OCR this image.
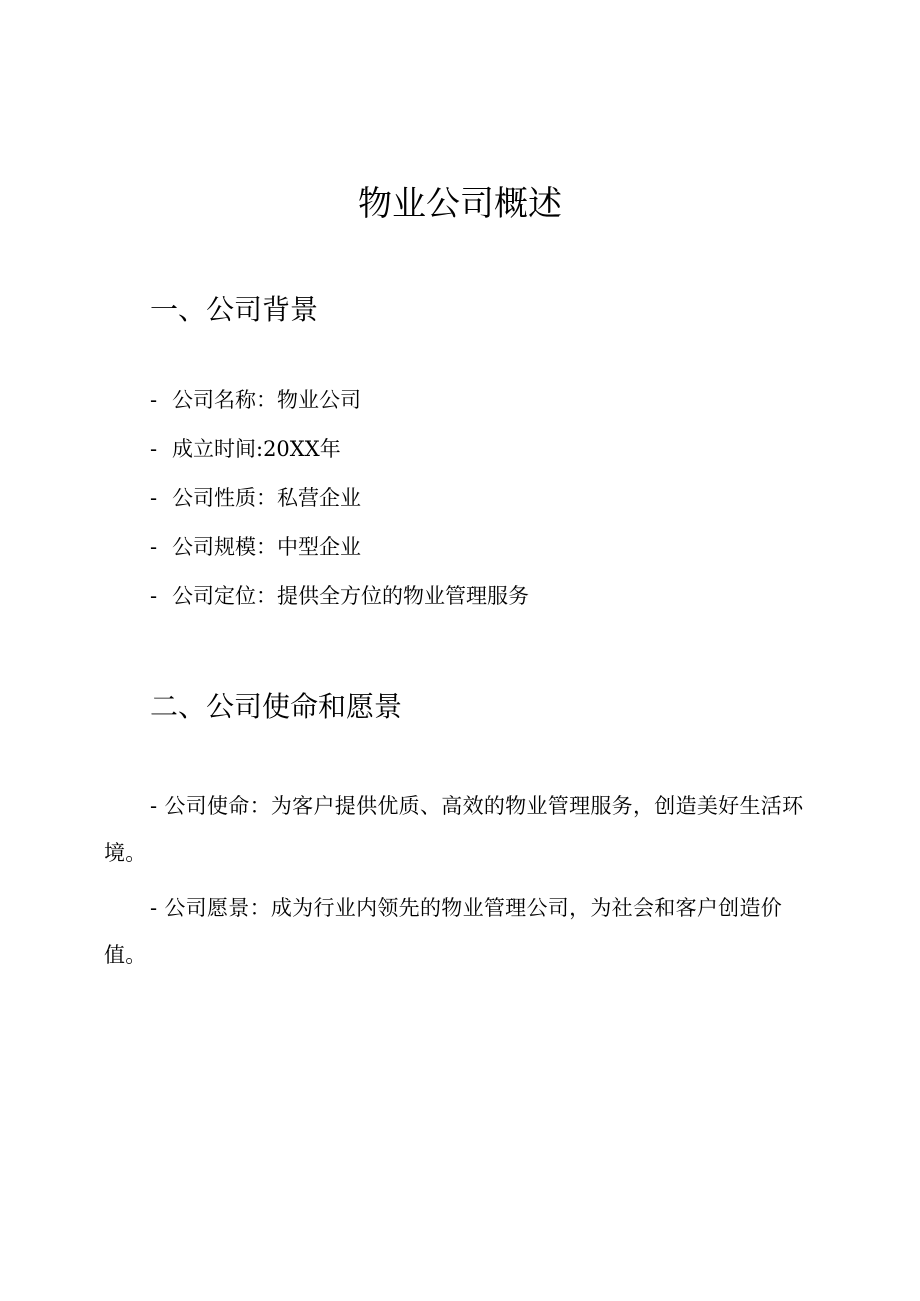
物业公司概述
一、公司背景
- 公司名称：物业公司
- 成立时间:20XX年
- 公司性质：私营企业
- 公司规模：中型企业
- 公司定位：提供全方位的物业管理服务
二、公司使命和愿景

- 公司使命：为客户提供优质、高效的物业管理服务，创造美好生活环境。

- 公司愿景：成为行业内领先的物业管理公司，为社会和客户创造价值。
